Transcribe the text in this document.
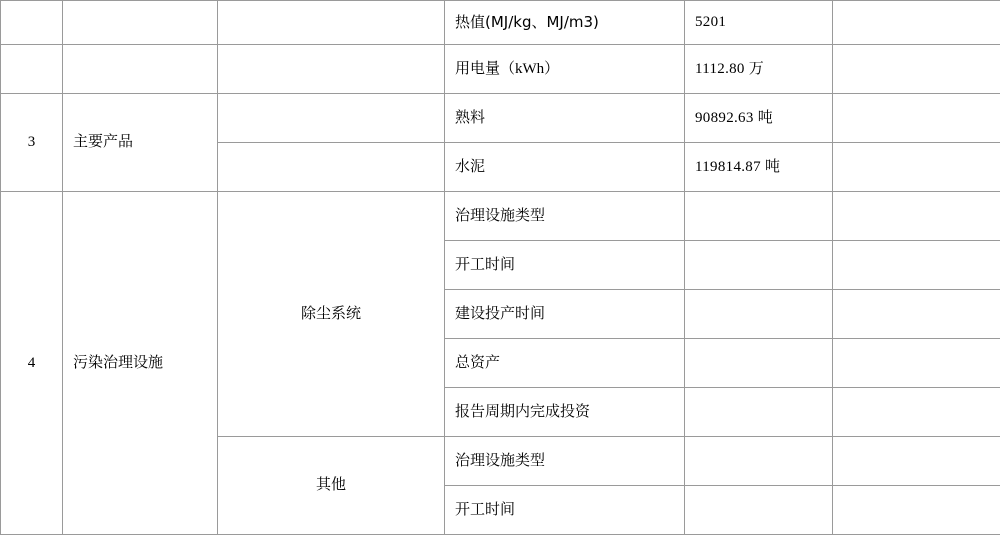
			热值(MJ/kg、MJ/m3)	5201	
			用电量（kWh）	1112.80 万	
3	主要产品		熟料	90892.63 吨	
			水泥	119814.87 吨	
4	污染治理设施	除尘系统	治理设施类型		
			开工时间		
			建设投产时间		
			总资产		
			报告周期内完成投资		
		其他	治理设施类型		
			开工时间		
